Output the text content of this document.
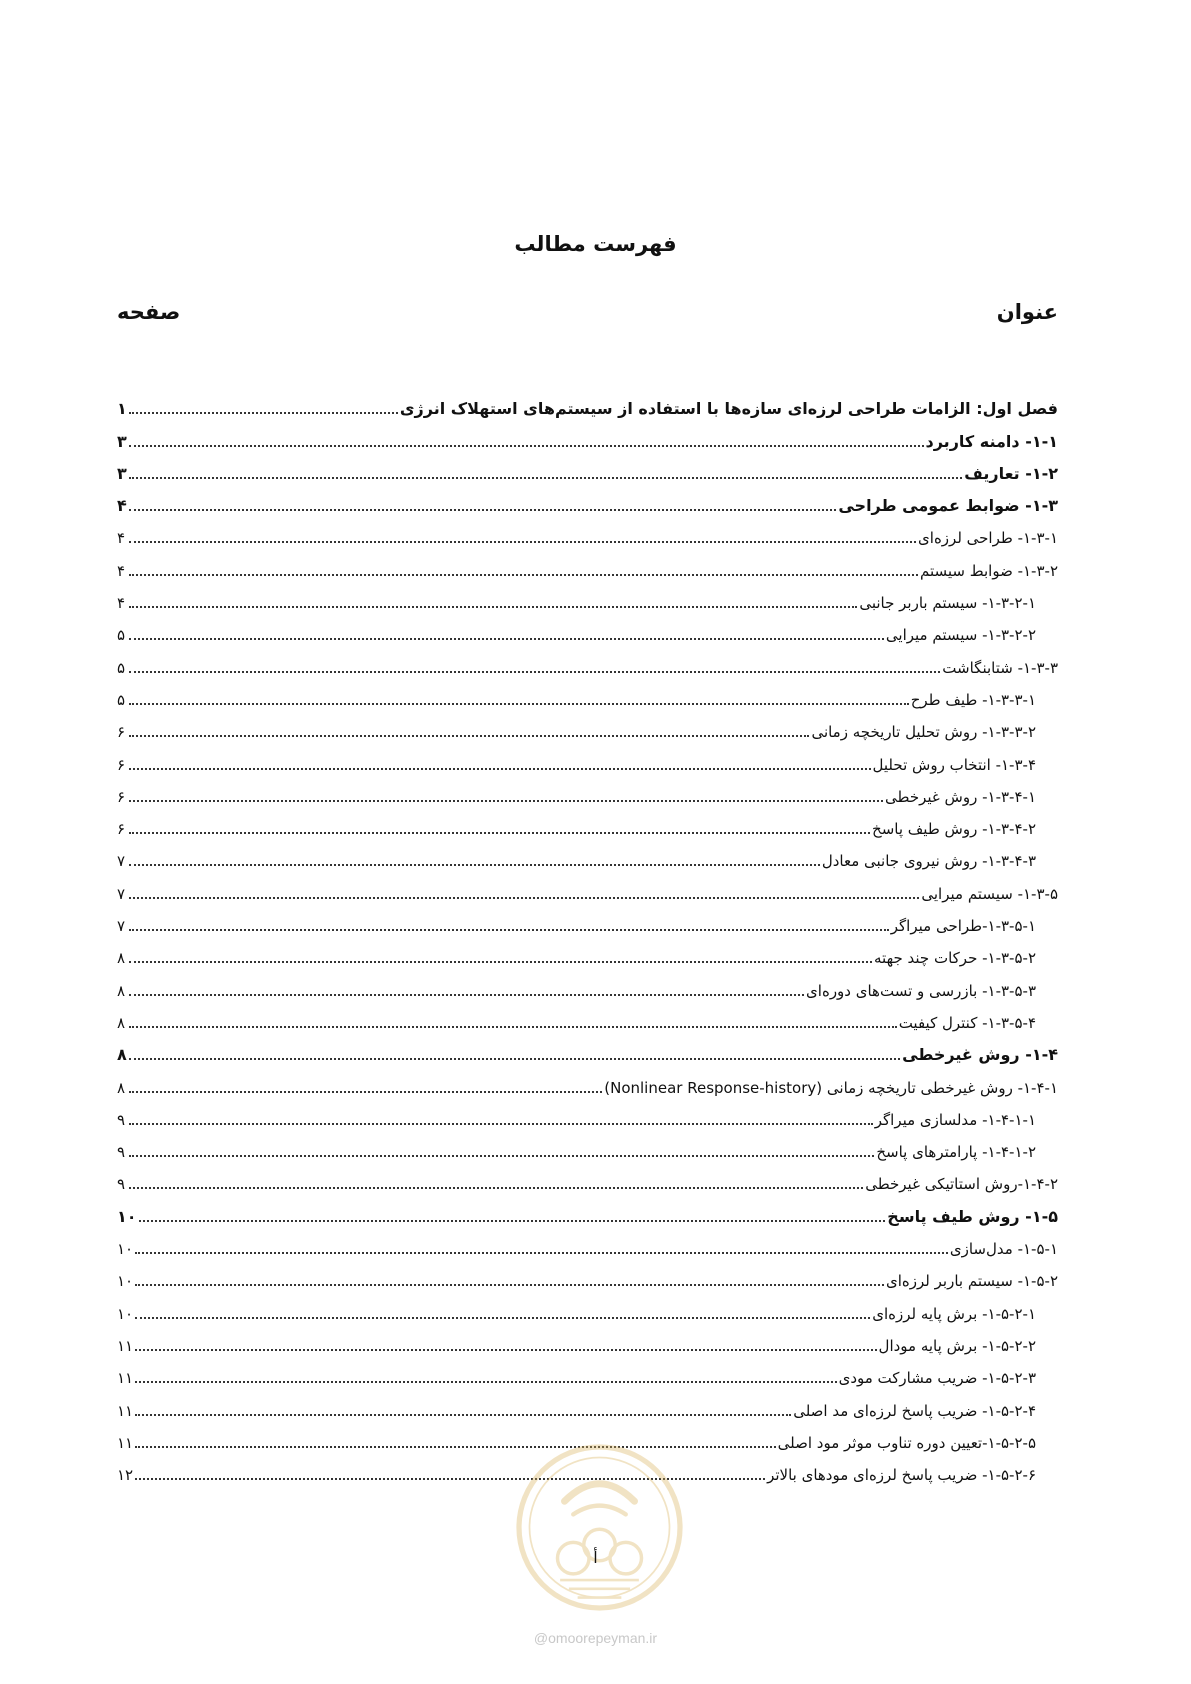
فهرست مطالب
عنوان
صفحه
فصل اول: الزامات طراحی لرزه‌ای سازه‌ها با استفاده از سیستم‌های استهلاک انرژی
۱
۱-۱- دامنه کاربرد
۳
۱-۲- تعاریف
۳
۱-۳- ضوابط عمومی طراحی
۴
۱-۳-۱- طراحی لرزه‌ای
۴
۱-۳-۲- ضوابط سیستم
۴
۱-۳-۲-۱- سیستم باربر جانبی
۴
۱-۳-۲-۲- سیستم میرایی
۵
۱-۳-۳- شتابنگاشت
۵
۱-۳-۳-۱- طیف طرح
۵
۱-۳-۳-۲- روش تحلیل تاریخچه زمانی
۶
۱-۳-۴- انتخاب روش تحلیل
۶
۱-۳-۴-۱- روش غیرخطی
۶
۱-۳-۴-۲- روش طیف پاسخ
۶
۱-۳-۴-۳- روش نیروی جانبی معادل
۷
۱-۳-۵- سیستم میرایی
۷
۱-۳-۵-۱-طراحی میراگر
۷
۱-۳-۵-۲- حرکات چند جهته
۸
۱-۳-۵-۳- بازرسی و تست‌های دوره‌ای
۸
۱-۳-۵-۴- کنترل کیفیت
۸
۱-۴- روش غیرخطی
۸
۱-۴-۱- روش غیرخطی تاریخچه زمانی (Nonlinear Response-history)
۸
۱-۴-۱-۱- مدلسازی میراگر
۹
۱-۴-۱-۲- پارامترهای پاسخ
۹
۱-۴-۲-روش استاتیکی غیرخطی
۹
۱-۵- روش طیف پاسخ
۱۰
۱-۵-۱- مدل‌سازی
۱۰
۱-۵-۲- سیستم باربر لرزه‌ای
۱۰
۱-۵-۲-۱- برش پایه لرزه‌ای
۱۰
۱-۵-۲-۲- برش پایه مودال
۱۱
۱-۵-۲-۳- ضریب مشارکت مودی
۱۱
۱-۵-۲-۴- ضریب پاسخ لرزه‌ای مد اصلی
۱۱
۱-۵-۲-۵-تعیین دوره تناوب موثر مود اصلی
۱۱
۱-۵-۲-۶- ضریب پاسخ لرزه‌ای مودهای بالاتر
۱۲
أ
@omoorepeyman.ir
